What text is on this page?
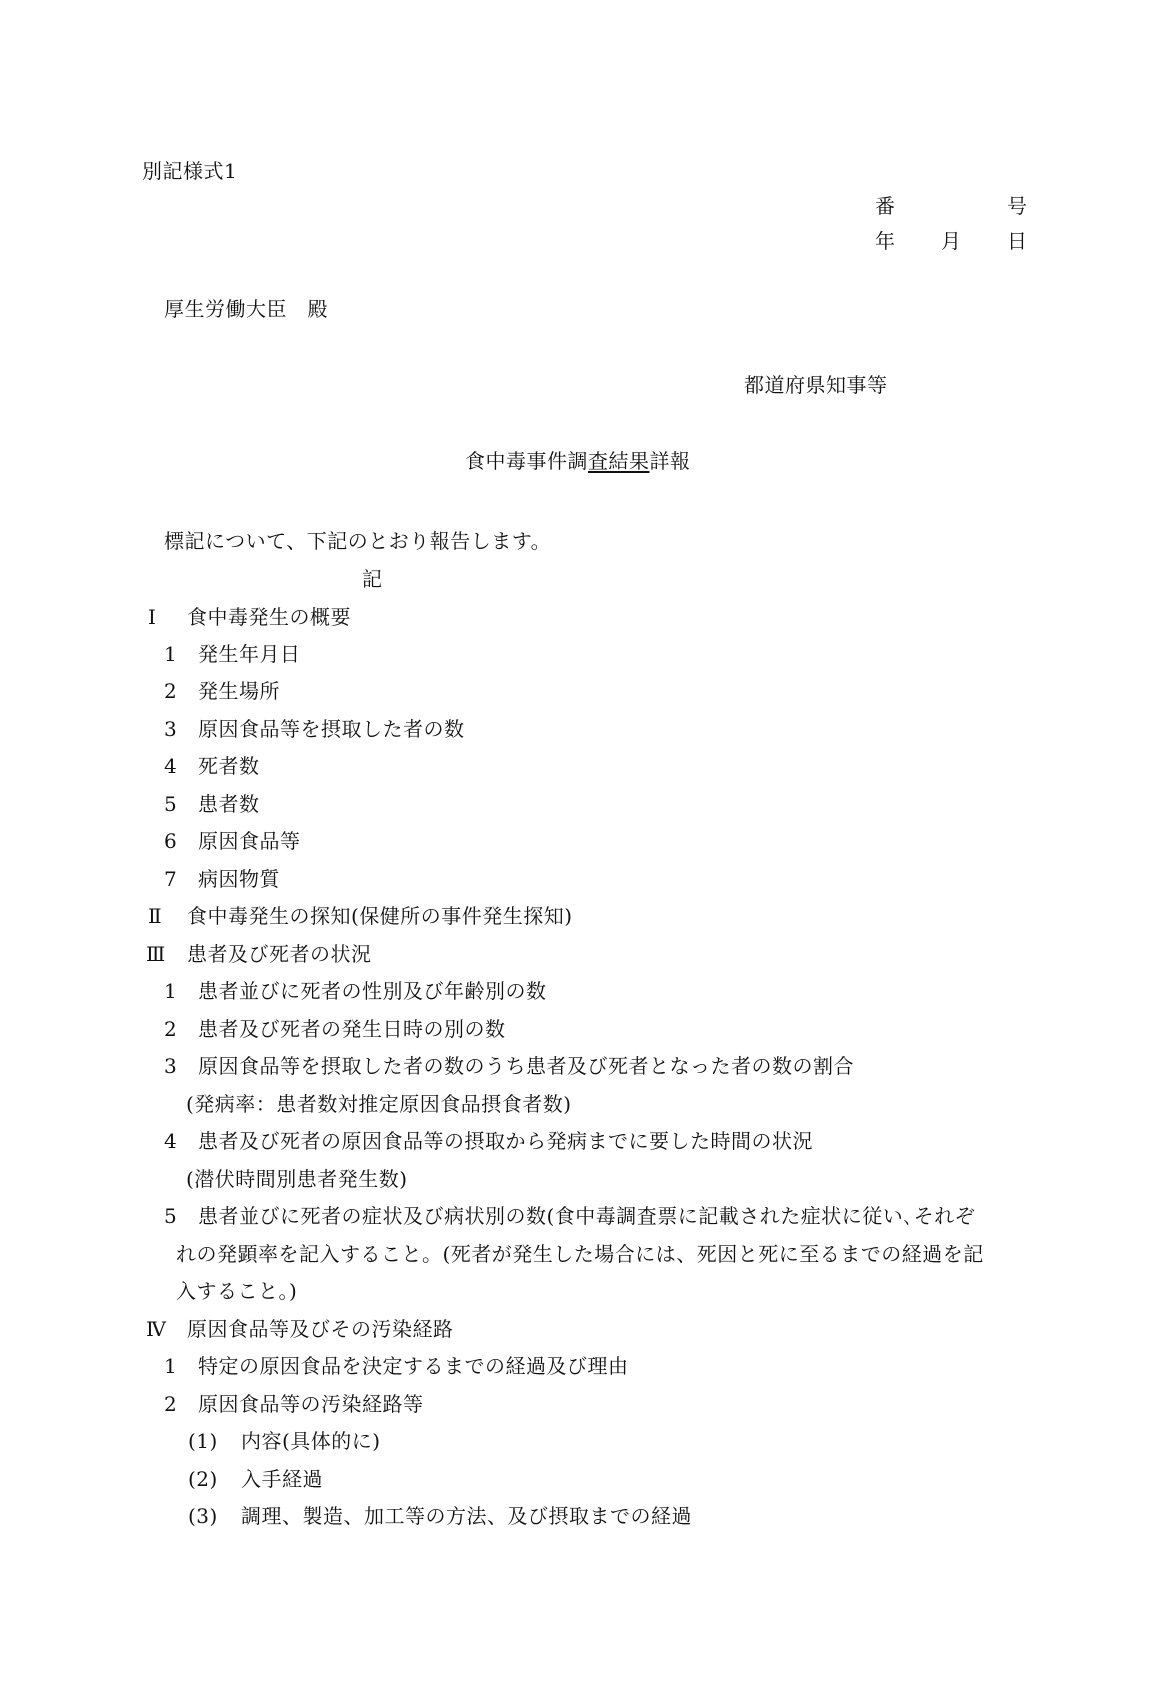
別記様式1
番	号
年 月 日
厚生労働大臣　殿
都道府県知事等
食中毒事件調査結果詳報
標記について、下記のとおり報告します。
記
Ⅰ 食中毒発生の概要
1 発生年月日
2 発生場所
3 原因食品等を摂取した者の数
4 死者数
5 患者数
6 原因食品等
7 病因物質
Ⅱ 食中毒発生の探知(保健所の事件発生探知)
Ⅲ 患者及び死者の状況
1 患者並びに死者の性別及び年齢別の数
2 患者及び死者の発生日時の別の数
3 原因食品等を摂取した者の数のうち患者及び死者となった者の数の割合
(発病率：患者数対推定原因食品摂食者数)
4 患者及び死者の原因食品等の摂取から発病までに要した時間の状況
(潜伏時間別患者発生数)
5 患者並びに死者の症状及び病状別の数(食中毒調査票に記載された症状に従い､それぞ
れの発顕率を記入すること。(死者が発生した場合には、死因と死に至るまでの経過を記
入すること。)
Ⅳ 原因食品等及びその汚染経路
1 特定の原因食品を決定するまでの経過及び理由
2 原因食品等の汚染経路等
(1) 内容(具体的に)
(2) 入手経過
(3) 調理、製造、加工等の方法、及び摂取までの経過
